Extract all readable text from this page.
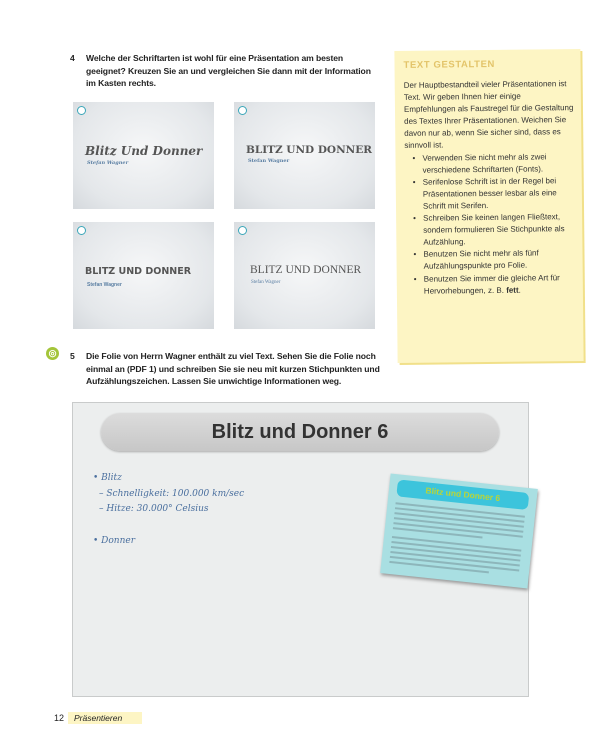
4 Welche der Schriftarten ist wohl für eine Präsentation am besten geeignet? Kreuzen Sie an und vergleichen Sie dann mit der Information im Kasten rechts.
Blitz Und Donner
Stefan Wagner
BLITZ UND DONNER
Stefan Wagner
BLITZ UND DONNER
Stefan Wagner
BLITZ UND DONNER
Stefan Wagner
TEXT GESTALTEN
Der Hauptbestandteil vieler Präsentationen ist Text. Wir geben Ihnen hier einige Empfehlungen als Faustregel für die Gestaltung des Textes Ihrer Präsentationen. Weichen Sie davon nur ab, wenn Sie sicher sind, dass es sinnvoll ist.
• Verwenden Sie nicht mehr als zwei verschiedene Schriftarten (Fonts).
• Serifenlose Schrift ist in der Regel bei Präsentationen besser lesbar als eine Schrift mit Serifen.
• Schreiben Sie keinen langen Fließtext, sondern formulieren Sie Stichpunkte als Aufzählung.
• Benutzen Sie nicht mehr als fünf Aufzählungspunkte pro Folie.
• Benutzen Sie immer die gleiche Art für Hervorhebungen, z. B. fett.
◎ 5 Die Folie von Herrn Wagner enthält zu viel Text. Sehen Sie die Folie noch einmal an (PDF 1) und schreiben Sie sie neu mit kurzen Stichpunkten und Aufzählungszeichen. Lassen Sie unwichtige Informationen weg.
Blitz und Donner 6
• Blitz
– Schnelligkeit: 100.000 km/sec
– Hitze: 30.000° Celsius
• Donner
Blitz und Donner 6
12 Präsentieren
